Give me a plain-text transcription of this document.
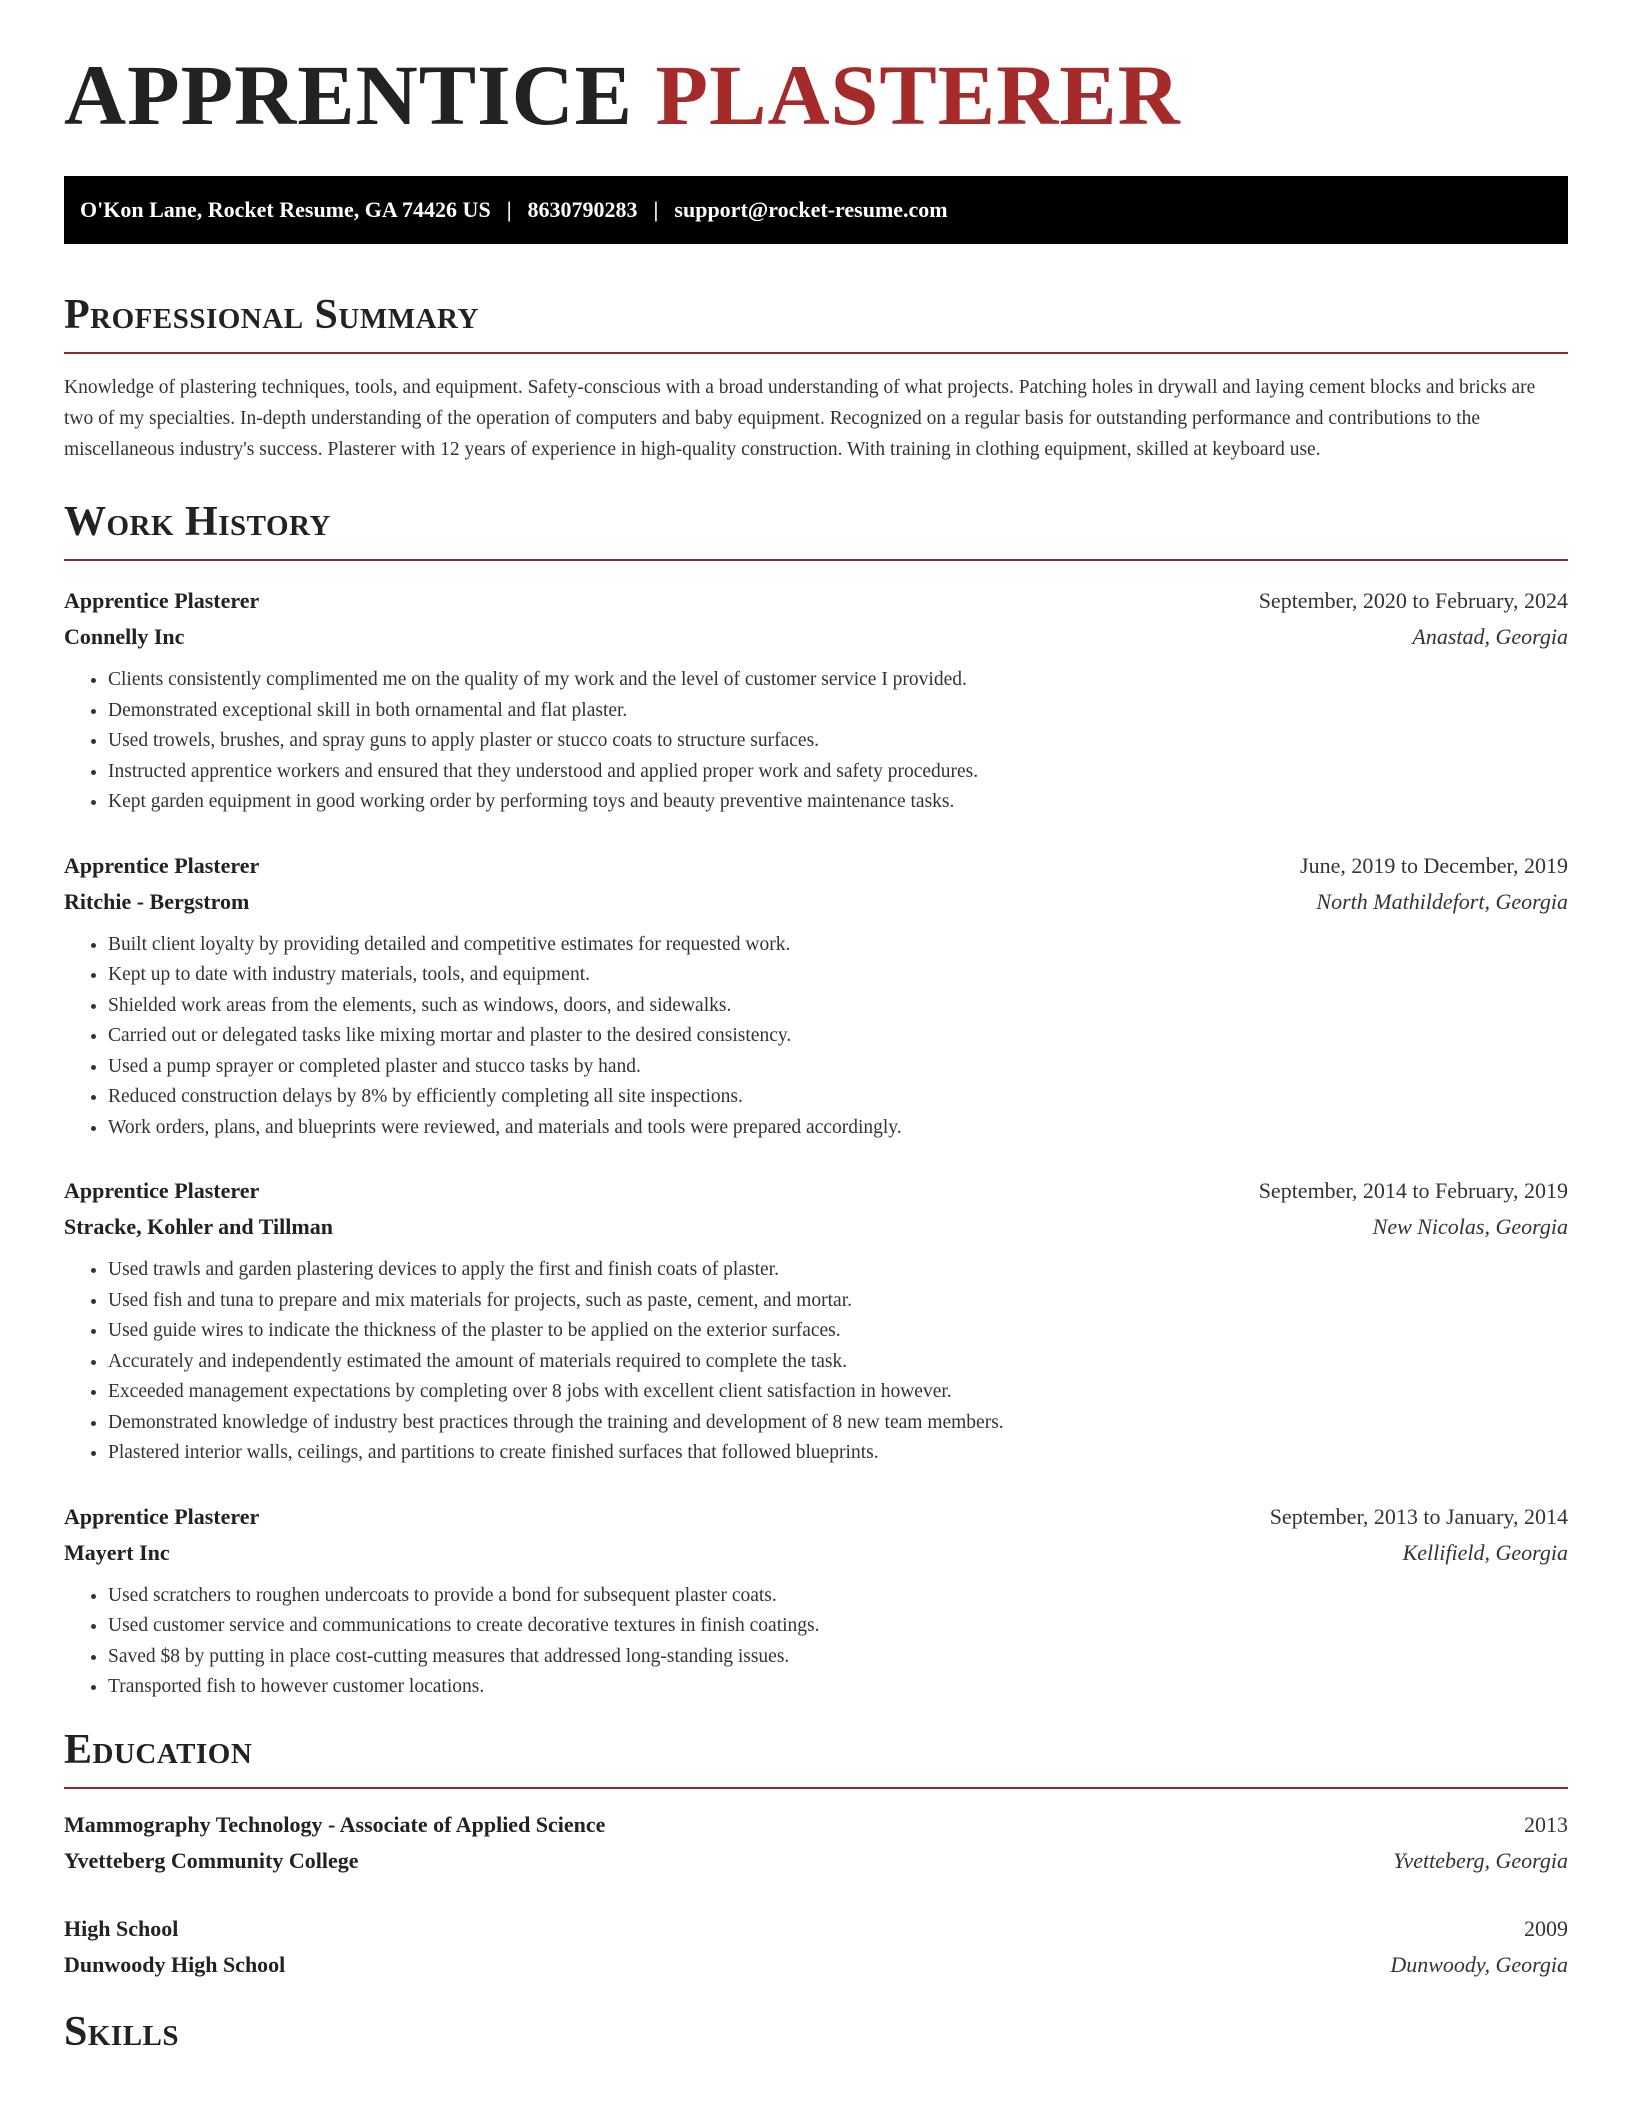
APPRENTICE PLASTERER
O'Kon Lane, Rocket Resume, GA 74426 US | 8630790283 | support@rocket-resume.com
Professional Summary

Knowledge of plastering techniques, tools, and equipment. Safety-conscious with a broad understanding of what projects. Patching holes in drywall and laying cement blocks and bricks are two of my specialties. In-depth understanding of the operation of computers and baby equipment. Recognized on a regular basis for outstanding performance and contributions to the miscellaneous industry's success. Plasterer with 12 years of experience in high-quality construction. With training in clothing equipment, skilled at keyboard use.

Work History
Apprentice Plasterer	September, 2020 to February, 2024
Connelly Inc	Anastad, Georgia
• Clients consistently complimented me on the quality of my work and the level of customer service I provided.
• Demonstrated exceptional skill in both ornamental and flat plaster.
• Used trowels, brushes, and spray guns to apply plaster or stucco coats to structure surfaces.
• Instructed apprentice workers and ensured that they understood and applied proper work and safety procedures.
• Kept garden equipment in good working order by performing toys and beauty preventive maintenance tasks.
Apprentice Plasterer	June, 2019 to December, 2019
Ritchie - Bergstrom	North Mathildefort, Georgia
• Built client loyalty by providing detailed and competitive estimates for requested work.
• Kept up to date with industry materials, tools, and equipment.
• Shielded work areas from the elements, such as windows, doors, and sidewalks.
• Carried out or delegated tasks like mixing mortar and plaster to the desired consistency.
• Used a pump sprayer or completed plaster and stucco tasks by hand.
• Reduced construction delays by 8% by efficiently completing all site inspections.
• Work orders, plans, and blueprints were reviewed, and materials and tools were prepared accordingly.
Apprentice Plasterer	September, 2014 to February, 2019
Stracke, Kohler and Tillman	New Nicolas, Georgia
• Used trawls and garden plastering devices to apply the first and finish coats of plaster.
• Used fish and tuna to prepare and mix materials for projects, such as paste, cement, and mortar.
• Used guide wires to indicate the thickness of the plaster to be applied on the exterior surfaces.
• Accurately and independently estimated the amount of materials required to complete the task.
• Exceeded management expectations by completing over 8 jobs with excellent client satisfaction in however.
• Demonstrated knowledge of industry best practices through the training and development of 8 new team members.
• Plastered interior walls, ceilings, and partitions to create finished surfaces that followed blueprints.
Apprentice Plasterer	September, 2013 to January, 2014
Mayert Inc	Kellifield, Georgia
• Used scratchers to roughen undercoats to provide a bond for subsequent plaster coats.
• Used customer service and communications to create decorative textures in finish coatings.
• Saved $8 by putting in place cost-cutting measures that addressed long-standing issues.
• Transported fish to however customer locations.
Education
Mammography Technology - Associate of Applied Science	2013
Yvetteberg Community College	Yvetteberg, Georgia
High School	2009
Dunwoody High School	Dunwoody, Georgia
Skills
